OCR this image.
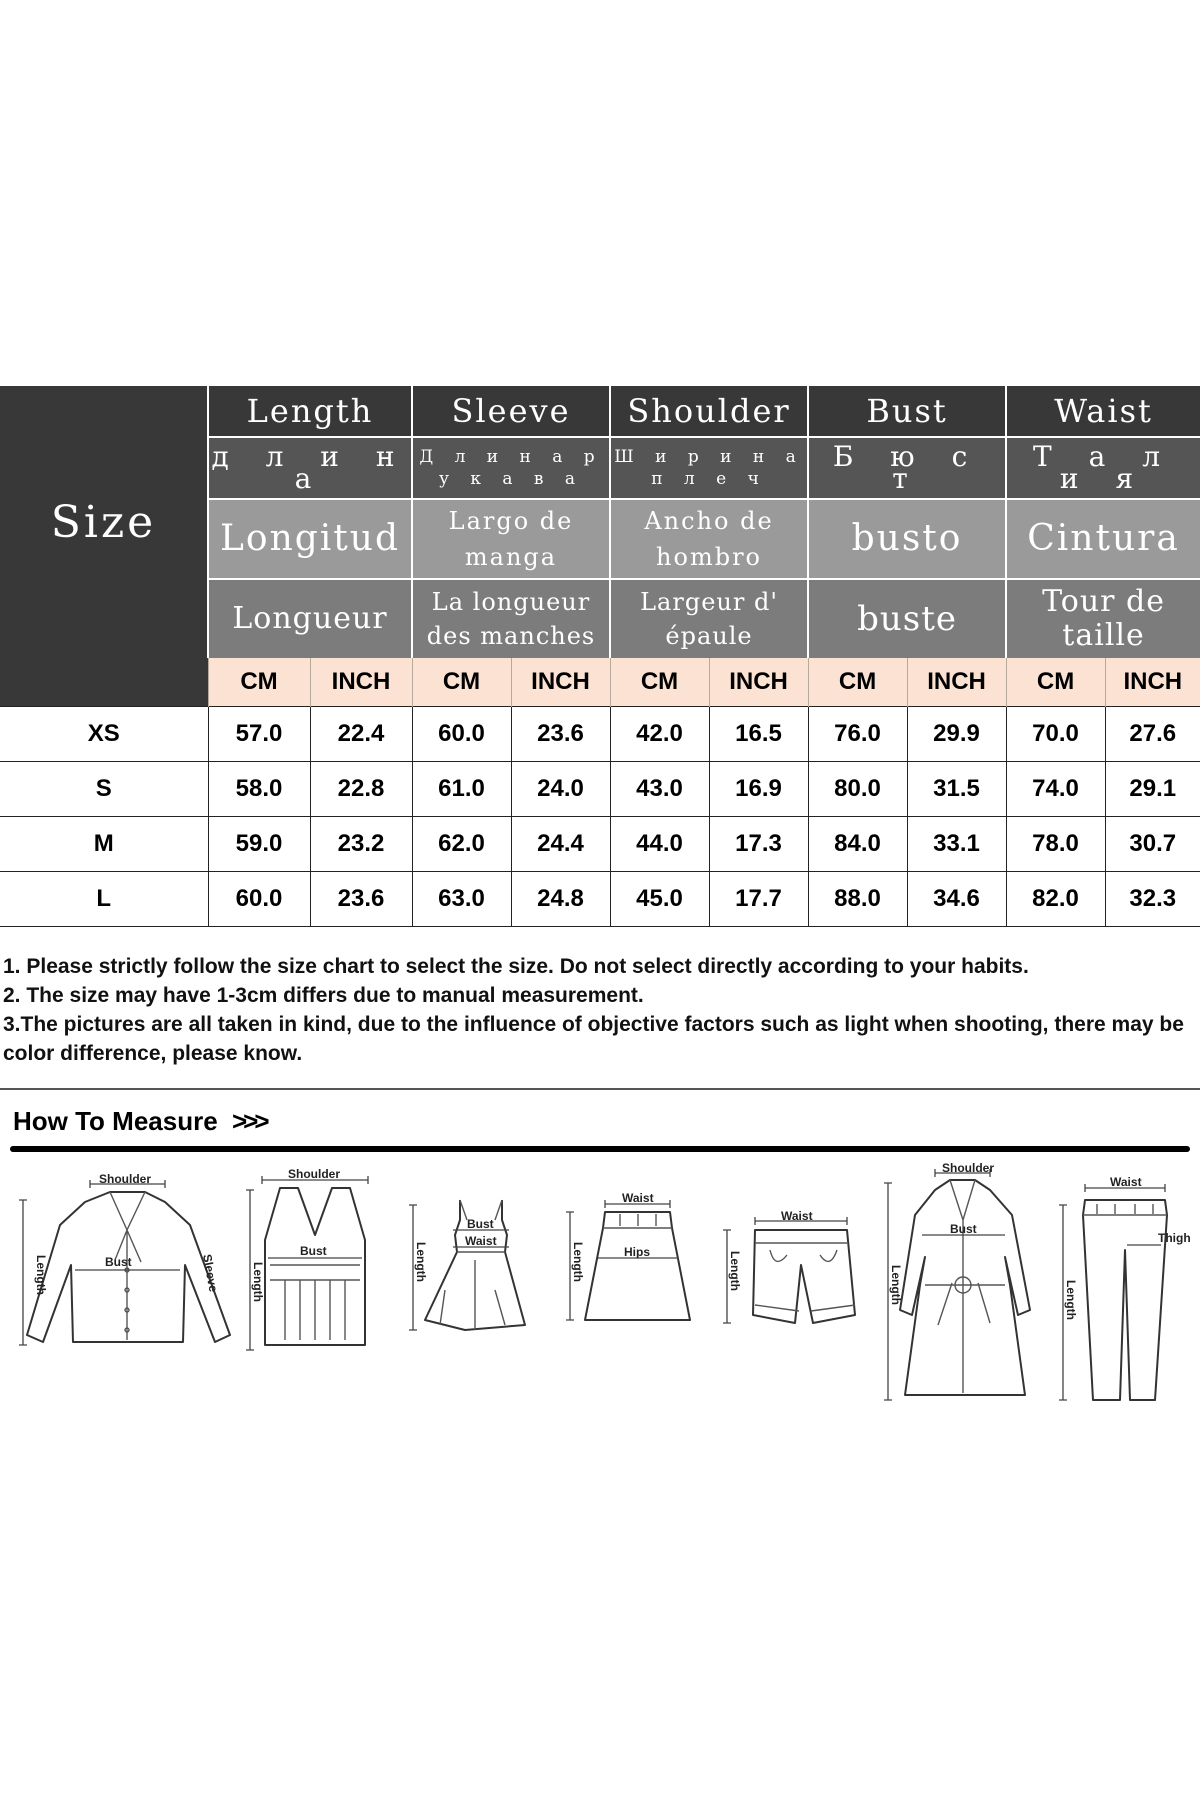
Size	Length		Sleeve		Shoulder		Bust		Waist	
	д л и н а		Д л и н а р у к а в а		Ш и р и н а п л е ч		Б ю с т		Т а л и я	
	Longitud		Largo de manga		Ancho de hombro		busto		Cintura	
	Longueur		La longueur des manches		Largeur d' épaule		buste		Tour de taille	
	CM	INCH	CM	INCH	CM	INCH	CM	INCH	CM	INCH
XS	57.0	22.4	60.0	23.6	42.0	16.5	76.0	29.9	70.0	27.6
S	58.0	22.8	61.0	24.0	43.0	16.9	80.0	31.5	74.0	29.1
M	59.0	23.2	62.0	24.4	44.0	17.3	84.0	33.1	78.0	30.7
L	60.0	23.6	63.0	24.8	45.0	17.7	88.0	34.6	82.0	32.3

1. Please strictly follow the size chart to select the size. Do not select directly according to your habits.

2. The size may have 1-3cm differs due to manual measurement.

3.The pictures are all taken in kind, due to the influence of objective factors such as light when shooting, there may be color difference, please know.

How To Measure >>>
Shoulder
Bust
Length	Sleeve
Shoulder
Bust
Length
Bust
Waist
Length
Waist
Hips
Length
Waist
Length
Shoulder
Bust
Length
Waist
Thigh
Length
